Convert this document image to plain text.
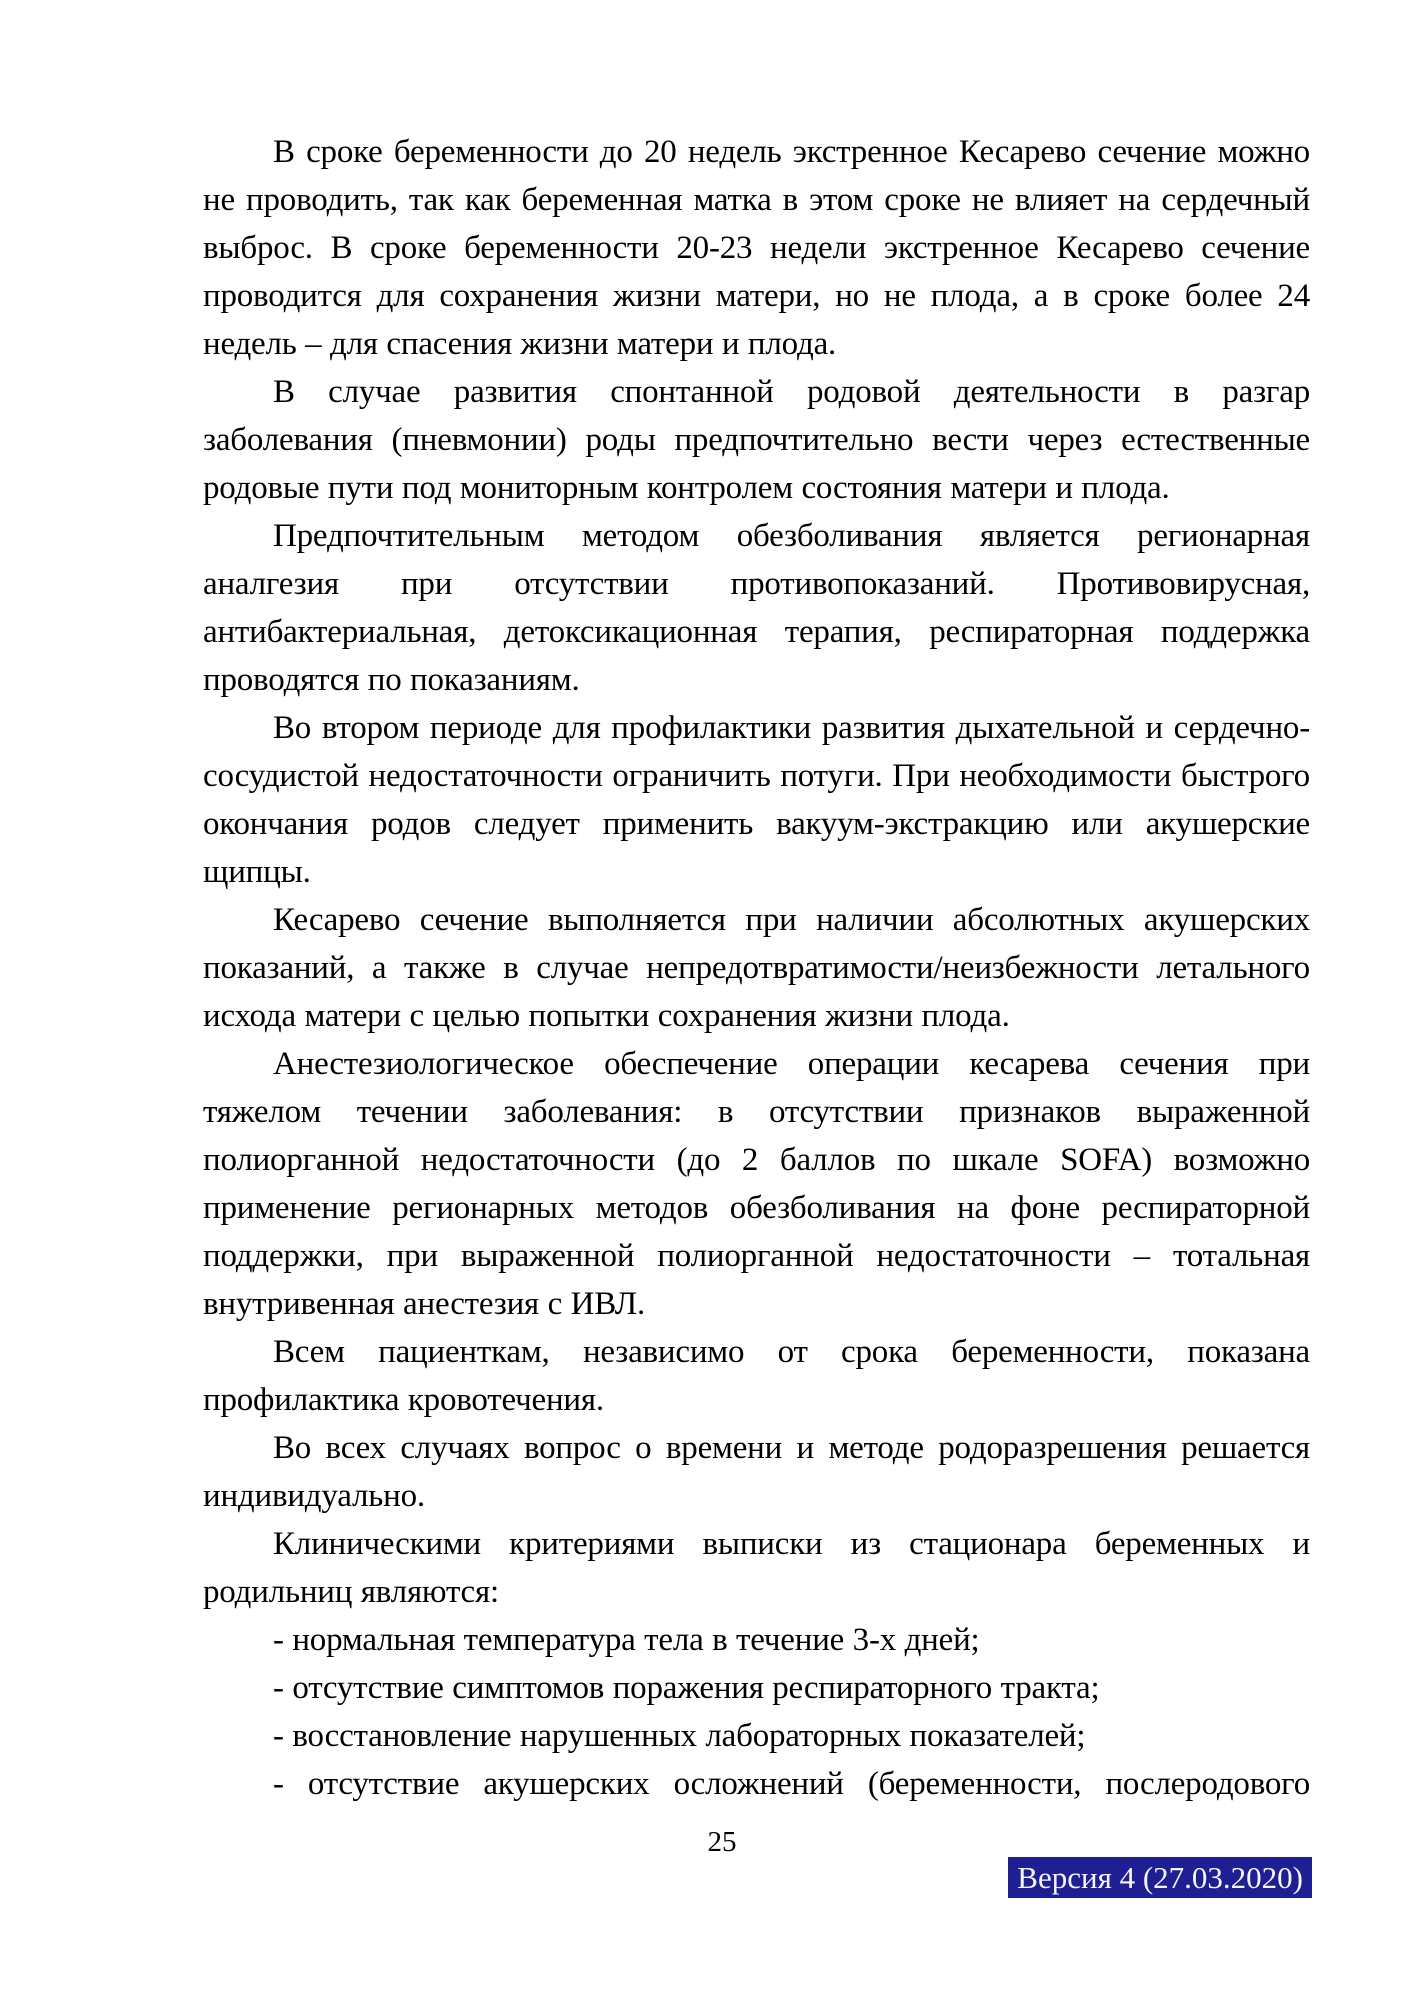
В сроке беременности до 20 недель экстренное Кесарево сечение можно не проводить, так как беременная матка в этом сроке не влияет на сердечный выброс. В сроке беременности 20-23 недели экстренное Кесарево сечение проводится для сохранения жизни матери, но не плода, а в сроке более 24 недель – для спасения жизни матери и плода.

В случае развития спонтанной родовой деятельности в разгар заболевания (пневмонии) роды предпочтительно вести через естественные родовые пути под мониторным контролем состояния матери и плода.

Предпочтительным методом обезболивания является регионарная аналгезия при отсутствии противопоказаний. Противовирусная, антибактериальная, детоксикационная терапия, респираторная поддержка проводятся по показаниям.

Во втором периоде для профилактики развития дыхательной и сердечно-сосудистой недостаточности ограничить потуги. При необходимости быстрого окончания родов следует применить вакуум-экстракцию или акушерские щипцы.

Кесарево сечение выполняется при наличии абсолютных акушерских показаний, а также в случае непредотвратимости/неизбежности летального исхода матери с целью попытки сохранения жизни плода.

Анестезиологическое обеспечение операции кесарева сечения при тяжелом течении заболевания: в отсутствии признаков выраженной полиорганной недостаточности (до 2 баллов по шкале SOFA) возможно применение регионарных методов обезболивания на фоне респираторной поддержки, при выраженной полиорганной недостаточности – тотальная внутривенная анестезия с ИВЛ.

Всем пациенткам, независимо от срока беременности, показана профилактика кровотечения.

Во всех случаях вопрос о времени и методе родоразрешения решается индивидуально.

Клиническими критериями выписки из стационара беременных и родильниц являются:

- нормальная температура тела в течение 3-х дней;

- отсутствие симптомов поражения респираторного тракта;

- восстановление нарушенных лабораторных показателей;

- отсутствие акушерских осложнений (беременности, послеродового

25
Версия 4 (27.03.2020)
